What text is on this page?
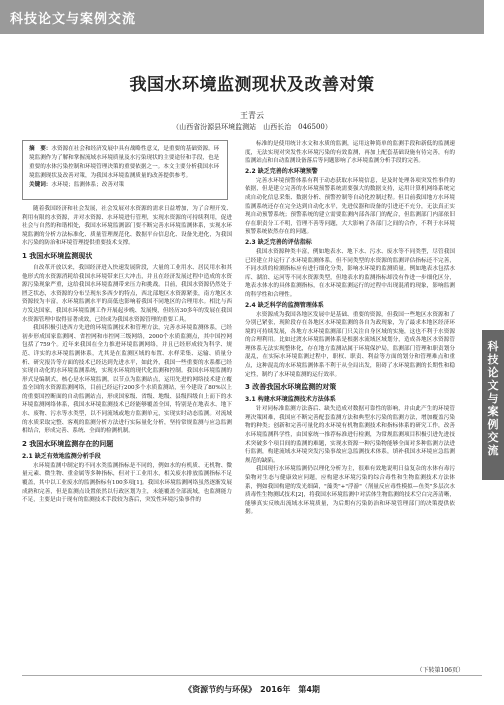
科技论文与案例交流
我国水环境监测现状及改善对策
王青云
（山西省汾源县环境监测站　山西长治　046500）
摘　要：水资源在社会和经济发展中具有战略性意义，是重要的基础资源。环境监测作为了解和掌握流域水环境质量及水污染现状的主要途径和手段，也是重要的水体污染控制和环境管理决策的重要依据之一。本文主要分析我国水环境监测现状及改善对策，为我国水环境监测质量的改善提供参考。
关键词：水环境；监测体系；改善对策

随着我国经济和社会发展，社会发展对水资源的需求日益增加，为了合理开发、利用有限的水资源，并对水资源、水环境进行管理，实现水资源的可持续利用，促进社会与自然的和谐相处，我国水环境监测部门要不断完善水环境监测体系，实现水环境监测的分析方法标准化、质量管理规范化、数据平台信息化、设备先进化，为我国水污染的防治和环境管理提供重要技术支撑。

1 我国水环境监测现状

自改革开放以来，我国经济进入快速发展阶段，大量的工业用水、居民用水和其他形式的水资源消耗给我国水环境带来巨大冲击，并且在经济发展过程中造成的水资源污染现象严重，这给我国水环境监测带来压力和挑战。目前，我国水资源仍然处于匮乏状态，水资源的分布呈现东多西少的特点，西北部地区水资源紧张，南方地区水资源较为丰富，水环境监测水平的高低也影响着我国不同地区的合理用水。相比与西方发达国家，我国水环境监测工作开展起步晚、发展慢，但经历30多年的发展在我国水资源管理中取得显著成效，已经成为我国水资源管理的重要工具。

我国积极引进西方先进的环境监测技术和管理方法，完善水环境监测体系，已经初步形成国家监测网、省控网和市控网三级网络，2000个水质监测点，其中国控网包括了759个。近年来我国在全力推进环境监测网络，并且已经形成较为科学、规范、详实的水环境监测体系，尤其是在监测区域的布置、水样采集、运输、质量分析、研究报告等方面的技术已经达到先进水平，如此外，我国一些重要的水系都已经实现自动化的水环境监测系统，实现水环境的现代化监测和控制。我国水环境监测的形式是编制式，核心是水环境监测，以节点为监测站点，运用先进的网络技术建立覆盖全国的水资源监测网络，目前已经运行200多个水质监测站，至今建设了80%以上的重要国控断面的自动监测站点，形成国家级、省级、地级、县级四级自上而下的水环境监测网络体系，我国水环境监测技术已经能够覆盖全国，特别是在地表水、地下水、废物、污水等水类型，以不同流域或地方监测单元，实现实时动态监测。对流域的水质采取完整、客观的监测分析方法进行实际量化分析，坚持常规监测与应急监测相结合，形成完善、系统、全面的检测机制。

2 我国水环境监测存在的问题
2.1 缺乏有效地监测分析手段

水环境监测中制定的不同水类监测指标是不同的，例如水的有机质、无机物、微量元素、微生物、重金属等多种指标，但对于工业用水，相关废水排放监测指标不足覆盖，其中以工业废水的监测指标有100多项[1]。我国水环境监测网络虽然逐渐发展成熟和完善，但是监测点设置依然以行政区划为主，未能覆盖全部流域，也监测能力不足，主要是由于现有的监测技术手段较为落后，突发性环境污染事件的

标准的是使用统计水文和水质的监测，运用这种简单的监测手段和新低的监测速度，无法实现对突发性水环境污染的有效监测，再加上配套基础设施有待完善，有的监测站点和自动监测设备落后等问题影响了水环境监测分析手段的完善。

2.2 缺乏完善的水环境预警

完善水环境预警体系有利于动态获取水环境信息，是及时处理各项突发性事件的依据，但是建立完善的水环境预警系统需要强大的数据支持，运用计算机网络系统完成自动化信息采集、数据分析、预警控制等自动化控制过程。但目前我国地方水环境监测系统还存在完全达到自动化水平，先进仪器和设备的引进还不充分，无法真正实现自动预警系统；预警系统的建立需要监测内部各部门的配合，但监测部门内部依旧存在职责分工不明，管理不善等问题，大大影响了各部门之间的合作，不利于水环境预警系统依然存在的问题。

2.3 缺乏完善的评估指标

我国水资源种类丰富，例如地表水、地下水、污水、废水等不同类型，尽管我国已经建立并运行了水环境监测体系，但不同类型的水资源的监测评估指标还不完善，不同水质的检测指标应有进行细化分类，影响水环境的监测质量。例如地表水包括水库、湖泊、运河等不同水资源类型，但地表水的监测指标却没有作进一步细化区分，地表水体水的具体监测指标，在水环境监测运行的过程中出现混淆的现象，影响监测的科学性和合理性。

2.4 缺乏科学的监测管理体系

水资源成为我国各地区发展中是基础、重要的资源，但我国一些地区水资源和了分别已紧张，现阶段存在各地区水环境监测的各自为政现象，为了最求本地区经济环境的可持续发展，各地方水环境监测部门只关注自身区域的实施，这也不利于水资源的合理利用。比如过渡水环境监测体系是根据水流域区域划分，造成各地区水资源管理体系无法实现整体化，存在地方监测站属于环境保护局，监测部门管理和职责划分混乱，在实际水环境监测过程中，职权、职责、利益等方面的划分和管理难点和重点，这种混乱的水环境监测体系不利于从全局出发，阻碍了水环境监测的长期性和稳定性，制约了水环境监测的运行效率。

3 改善我国水环境监测的对策
3.1 构建水环境监测技术方法体系

针对同标准监测方法落后、缺失造成对数据可靠性的影响，并由此产生的环境管理决策困难，我国应不断完善配套监测方法和典型水污染的监测方法，增加覆盖污染物的种类；创新和完善可量化的水环境有机物监测技术和指标体系的研究工作，改善水环境监测科学性，由国家统一推荐标准进行检测，为常规监测项目积极引进先进技术突破多个项目间的监测的难题，实现水资源一种污染物能够全面对多种监测方法进行监测，构建流域水环境突发污染事故应急监测技术体系，填补我国水环境应急监测规范的缺陷。

我国现行水环境监测仍以理化分析为主，很难有效地说明日益复杂的水体有毒污染物对生态与健康效应问题，应构建水环境污染的综合毒性和生物监测技术方法体系，例如我国构建的发光细菌，"藻类"+"浮游"（剂量反应毒性模拟—鱼类"多层次水质毒性生物测试技术[2]，将我国水环境监测中对活体生物监测的技术空白完善清晰，能够真实反映出流域水环境质量，为后期有污染防治和环境管理部门的决策提供依据。

科技论文与案例交流
（下转第106页）
《资源节约与环保》　2016年　第4期
